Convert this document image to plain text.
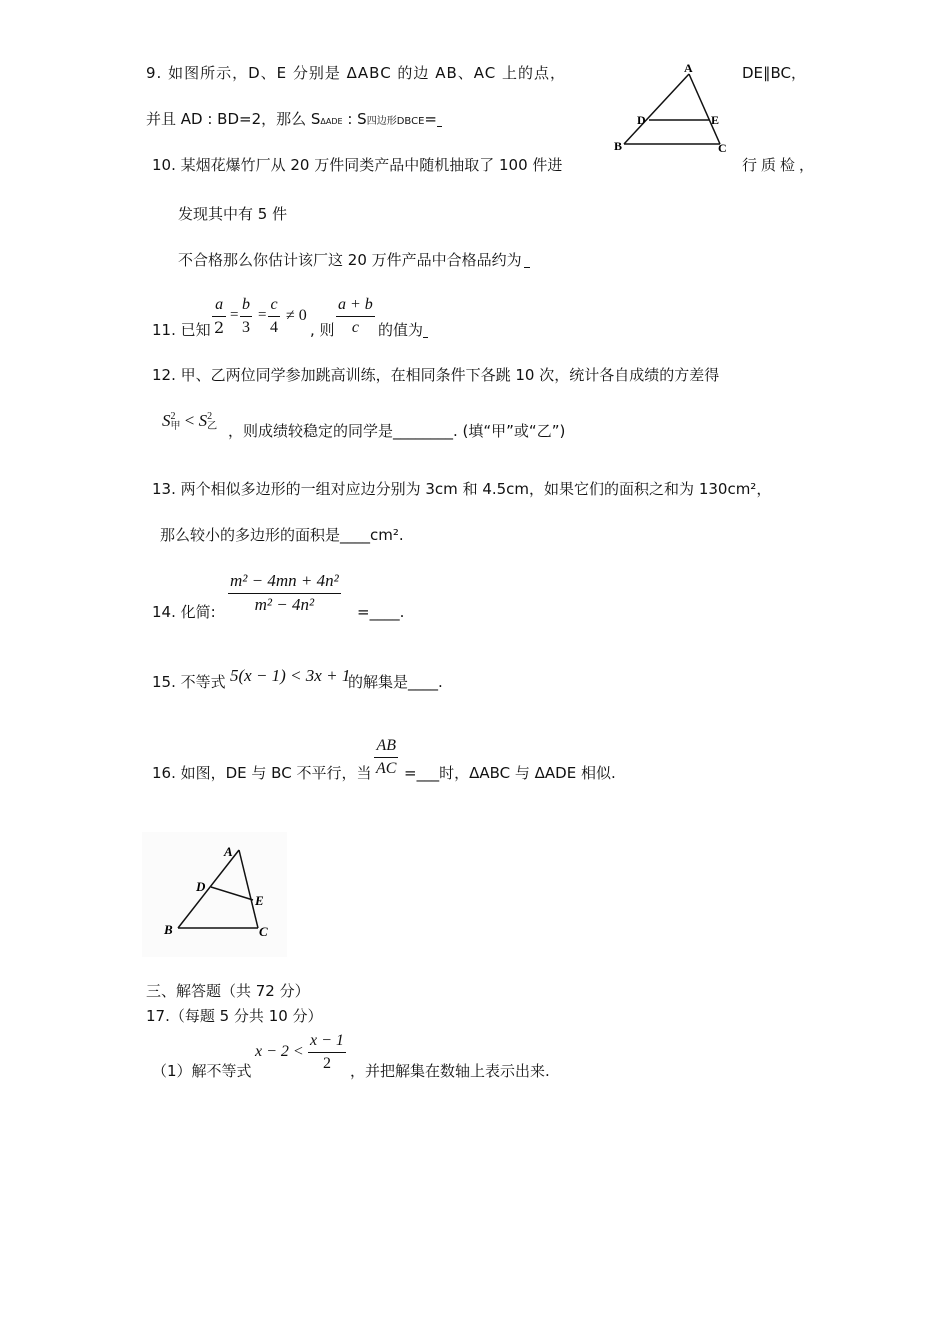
9. 如图所示，D、E 分别是 ΔABC 的边 AB、AC 上的点，	DE∥BC，
并且 AD : BD=2，那么 SΔADE : S四边形DBCE=
A
D	E
B	C
10. 某烟花爆竹厂从 20 万件同类产品中随机抽取了 100 件进	行质检，
发现其中有 5 件
不合格那么你估计该厂这 20 万件产品中合格品约为
11. 已知
a
2
=
b
3
=
c
4
≠ 0
, 则
a + b
c 的值为
12. 甲、乙两位同学参加跳高训练，在相同条件下各跳 10 次，统计各自成绩的方差得
S 2
甲 < S 2
乙 ，则成绩较稳定的同学是________. (填“甲”或“乙”)
13. 两个相似多边形的一组对应边分别为 3cm 和 4.5cm，如果它们的面积之和为 130cm²，
那么较小的多边形的面积是____cm².
14. 化简:
m² − 4mn + 4n²
m² − 4n²	=____.
15. 不等式 5(x − 1) < 3x + 1
的解集是____.
16. 如图，DE 与 BC 不平行，当
AB
AC =___时，ΔABC 与 ΔADE 相似.
A
D
E
B	C
三、解答题（共 72 分）
17.（每题 5 分共 10 分）
（1）解不等式
x − 2 <
x − 1
2 ，并把解集在数轴上表示出来.
